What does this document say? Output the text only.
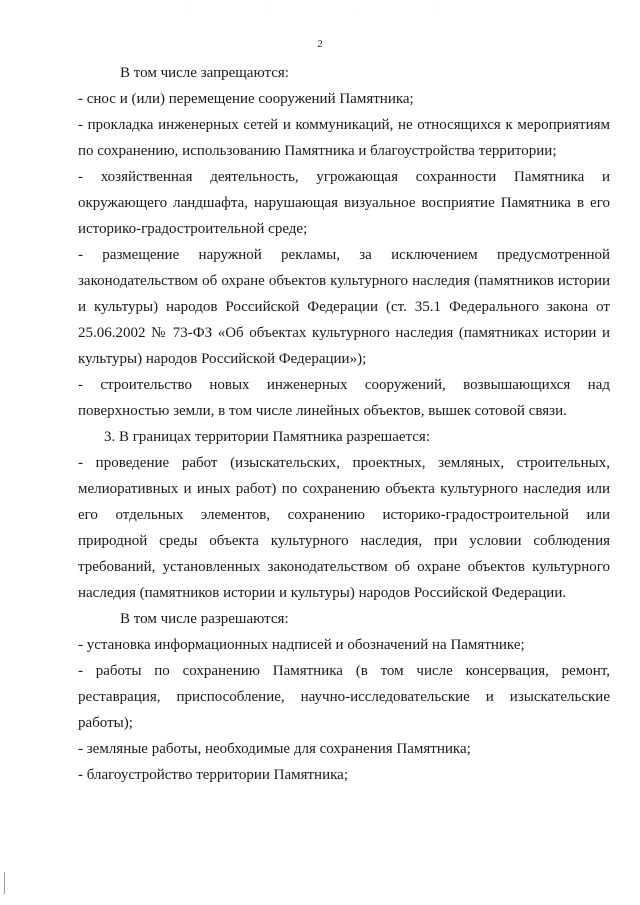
· · · ·
2

В том числе запрещаются:

- снос и (или) перемещение сооружений Памятника;

- прокладка инженерных сетей и коммуникаций, не относящихся к мероприятиям по сохранению, использованию Памятника и благоустройства территории;

- хозяйственная деятельность, угрожающая сохранности Памятника и окружающего ландшафта, нарушающая визуальное восприятие Памятника в его историко-градостроительной среде;

- размещение наружной рекламы, за исключением предусмотренной законодательством об охране объектов культурного наследия (памятников истории и культуры) народов Российской Федерации (ст. 35.1 Федерального закона от 25.06.2002 № 73-ФЗ «Об объектах культурного наследия (памятниках истории и культуры) народов Российской Федерации»);

- строительство новых инженерных сооружений, возвышающихся над поверхностью земли, в том числе линейных объектов, вышек сотовой связи.

3. В границах территории Памятника разрешается:

- проведение работ (изыскательских, проектных, земляных, строительных, мелиоративных и иных работ) по сохранению объекта культурного наследия или его отдельных элементов, сохранению историко-градостроительной или природной среды объекта культурного наследия, при условии соблюдения требований, установленных законодательством об охране объектов культурного наследия (памятников истории и культуры) народов Российской Федерации.

В том числе разрешаются:

- установка информационных надписей и обозначений на Памятнике;

- работы по сохранению Памятника (в том числе консервация, ремонт, реставрация, приспособление, научно-исследовательские и изыскательские работы);

- земляные работы, необходимые для сохранения Памятника;

- благоустройство территории Памятника;
